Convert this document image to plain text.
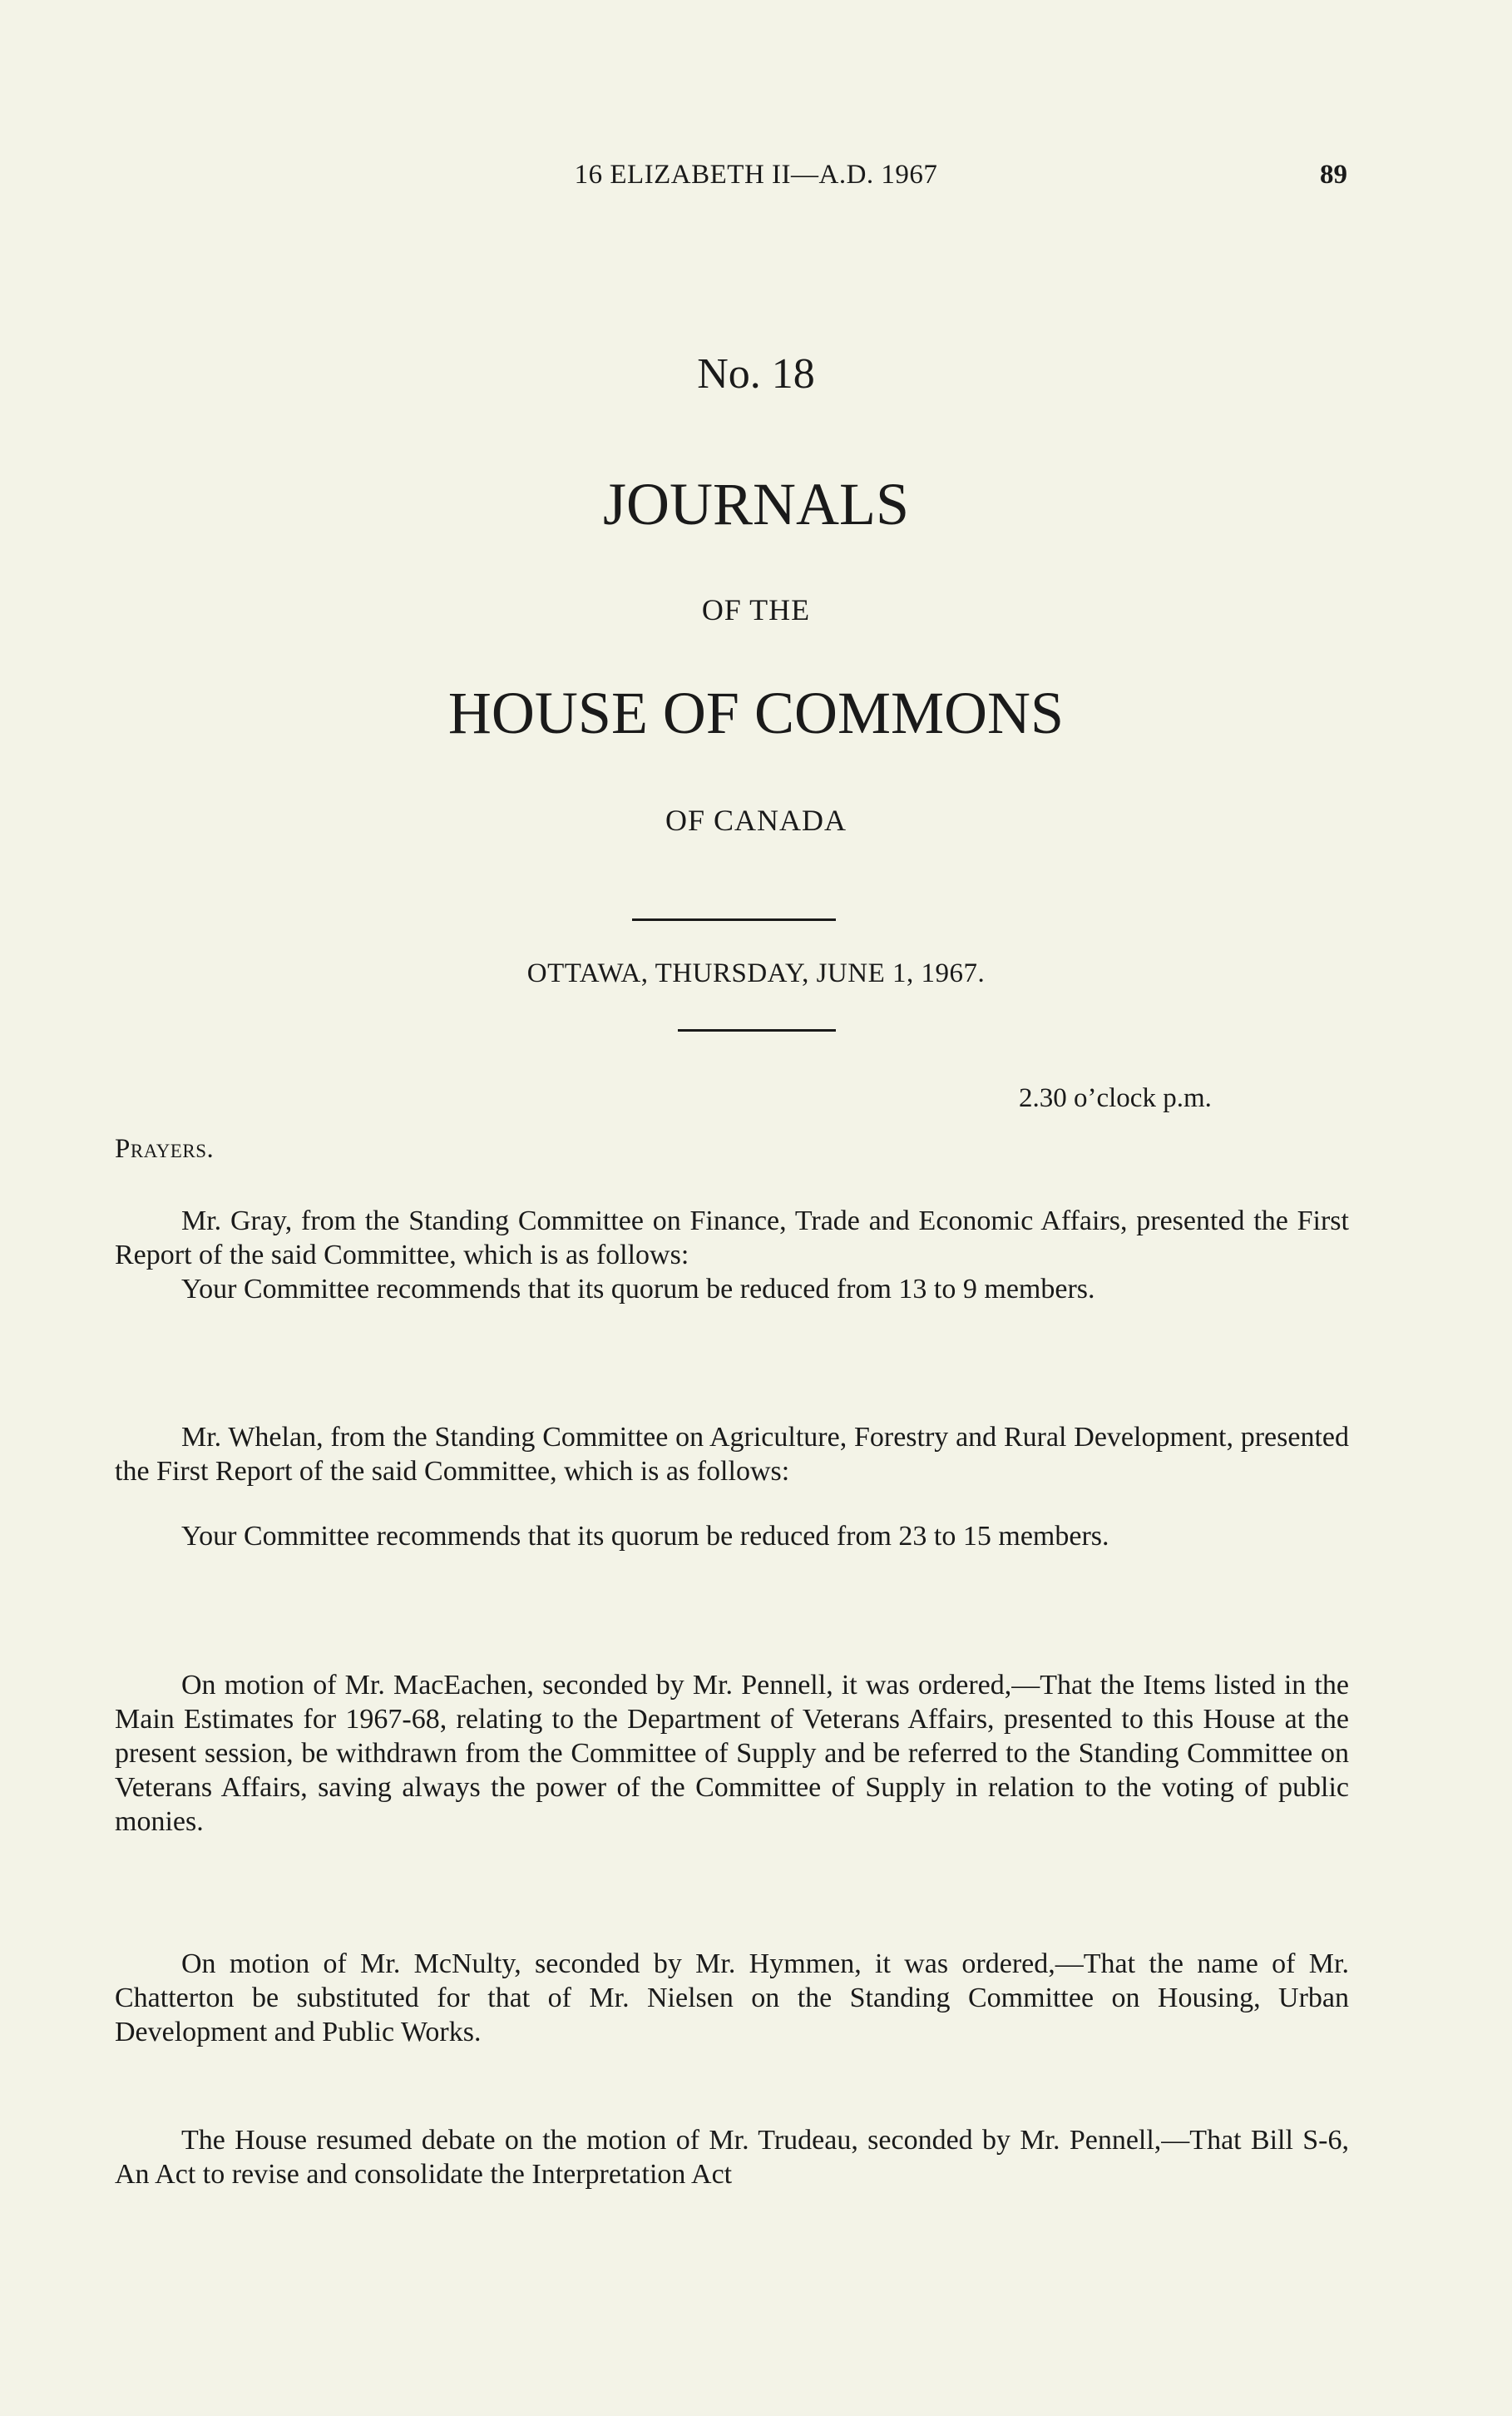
16 ELIZABETH II—A.D. 1967	89
No. 18
JOURNALS
OF THE
HOUSE OF COMMONS
OF CANADA
OTTAWA, THURSDAY, JUNE 1, 1967.
2.30 o’clock p.m.
Prayers.

Mr. Gray, from the Standing Committee on Finance, Trade and Economic Affairs, presented the First Report of the said Committee, which is as follows:

Your Committee recommends that its quorum be reduced from 13 to 9 members.

Mr. Whelan, from the Standing Committee on Agriculture, Forestry and Rural Development, presented the First Report of the said Committee, which is as follows:

Your Committee recommends that its quorum be reduced from 23 to 15 members.

On motion of Mr. MacEachen, seconded by Mr. Pennell, it was ordered,—That the Items listed in the Main Estimates for 1967-68, relating to the Department of Veterans Affairs, presented to this House at the present session, be withdrawn from the Committee of Supply and be referred to the Standing Committee on Veterans Affairs, saving always the power of the Committee of Supply in relation to the voting of public monies.

On motion of Mr. McNulty, seconded by Mr. Hymmen, it was ordered,—That the name of Mr. Chatterton be substituted for that of Mr. Nielsen on the Standing Committee on Housing, Urban Development and Public Works.

The House resumed debate on the motion of Mr. Trudeau, seconded by Mr. Pennell,—That Bill S-6, An Act to revise and consolidate the Interpretation Act
